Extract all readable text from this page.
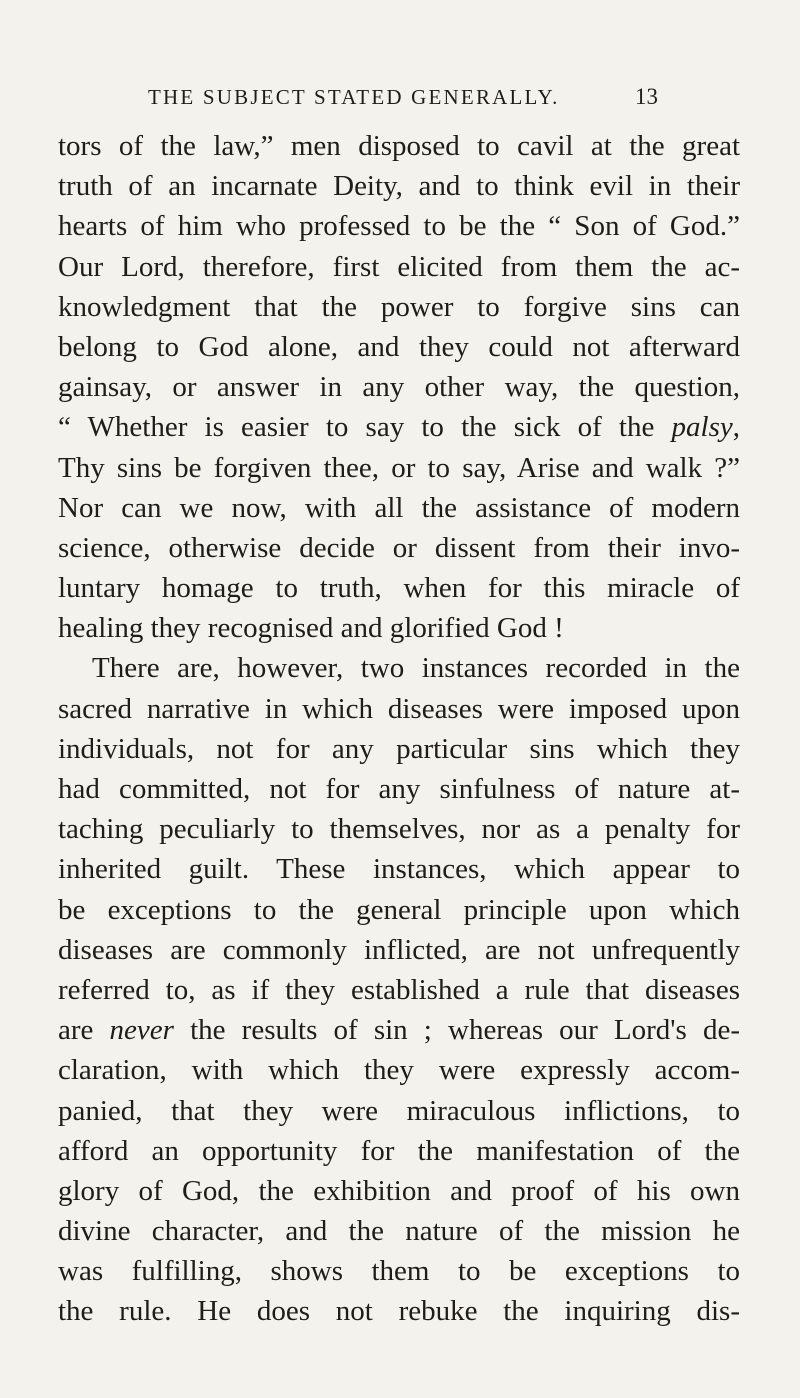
THE SUBJECT STATED GENERALLY.	13
tors of the law,” men disposed to cavil at the great
truth of an incarnate Deity, and to think evil in their
hearts of him who professed to be the “ Son of God.”
Our Lord, therefore, first elicited from them the ac-
knowledgment that the power to forgive sins can
belong to God alone, and they could not afterward
gainsay, or answer in any other way, the question,
“ Whether is easier to say to the sick of the palsy,
Thy sins be forgiven thee, or to say, Arise and walk ?”
Nor can we now, with all the assistance of modern
science, otherwise decide or dissent from their invo-
luntary homage to truth, when for this miracle of
healing they recognised and glorified God !
There are, however, two instances recorded in the
sacred narrative in which diseases were imposed upon
individuals, not for any particular sins which they
had committed, not for any sinfulness of nature at-
taching peculiarly to themselves, nor as a penalty for
inherited guilt. These instances, which appear to
be exceptions to the general principle upon which
diseases are commonly inflicted, are not unfrequently
referred to, as if they established a rule that diseases
are never the results of sin ; whereas our Lord's de-
claration, with which they were expressly accom-
panied, that they were miraculous inflictions, to
afford an opportunity for the manifestation of the
glory of God, the exhibition and proof of his own
divine character, and the nature of the mission he
was fulfilling, shows them to be exceptions to
the rule. He does not rebuke the inquiring dis-
